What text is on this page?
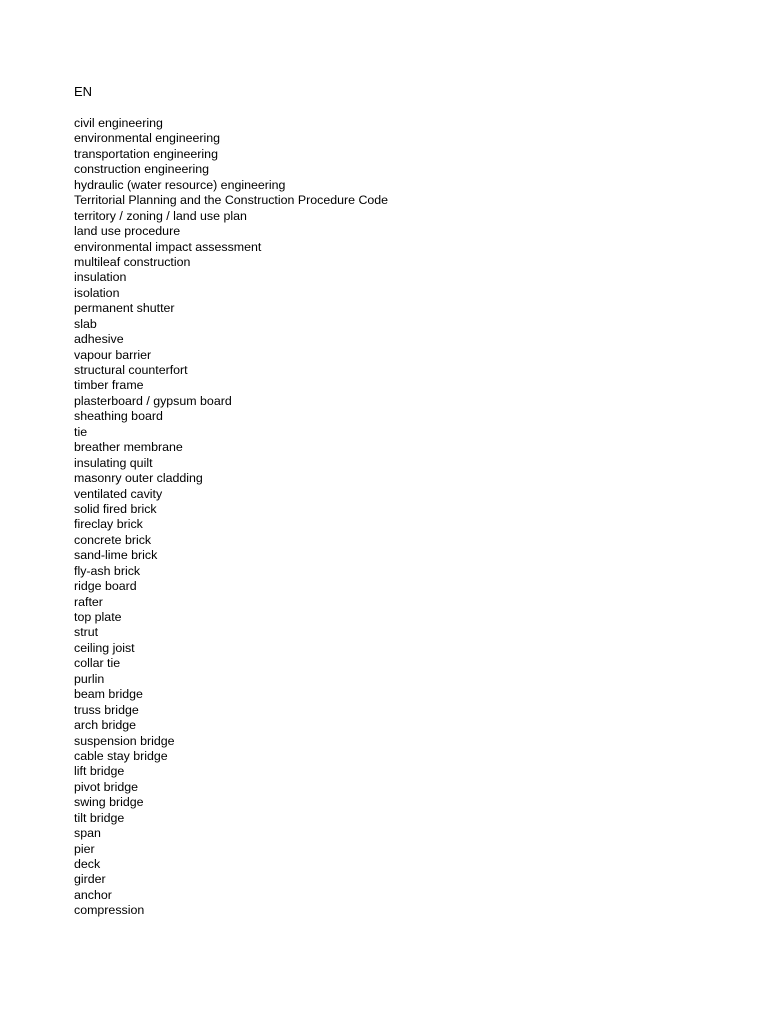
EN
civil engineering
environmental engineering
transportation engineering
construction engineering
hydraulic (water resource) engineering
Territorial Planning and the Construction Procedure Code
territory / zoning / land use plan
land use procedure
environmental impact assessment
multileaf construction
insulation
isolation
permanent shutter
slab
adhesive
vapour barrier
structural counterfort
timber frame
plasterboard / gypsum board
sheathing board
tie
breather membrane
insulating quilt
masonry outer cladding
ventilated cavity
solid fired brick
fireclay brick
concrete brick
sand-lime brick
fly-ash brick
ridge board
rafter
top plate
strut
ceiling joist
collar tie
purlin
beam bridge
truss bridge
arch bridge
suspension bridge
cable stay bridge
lift bridge
pivot bridge
swing bridge
tilt bridge
span
pier
deck
girder
anchor
compression
